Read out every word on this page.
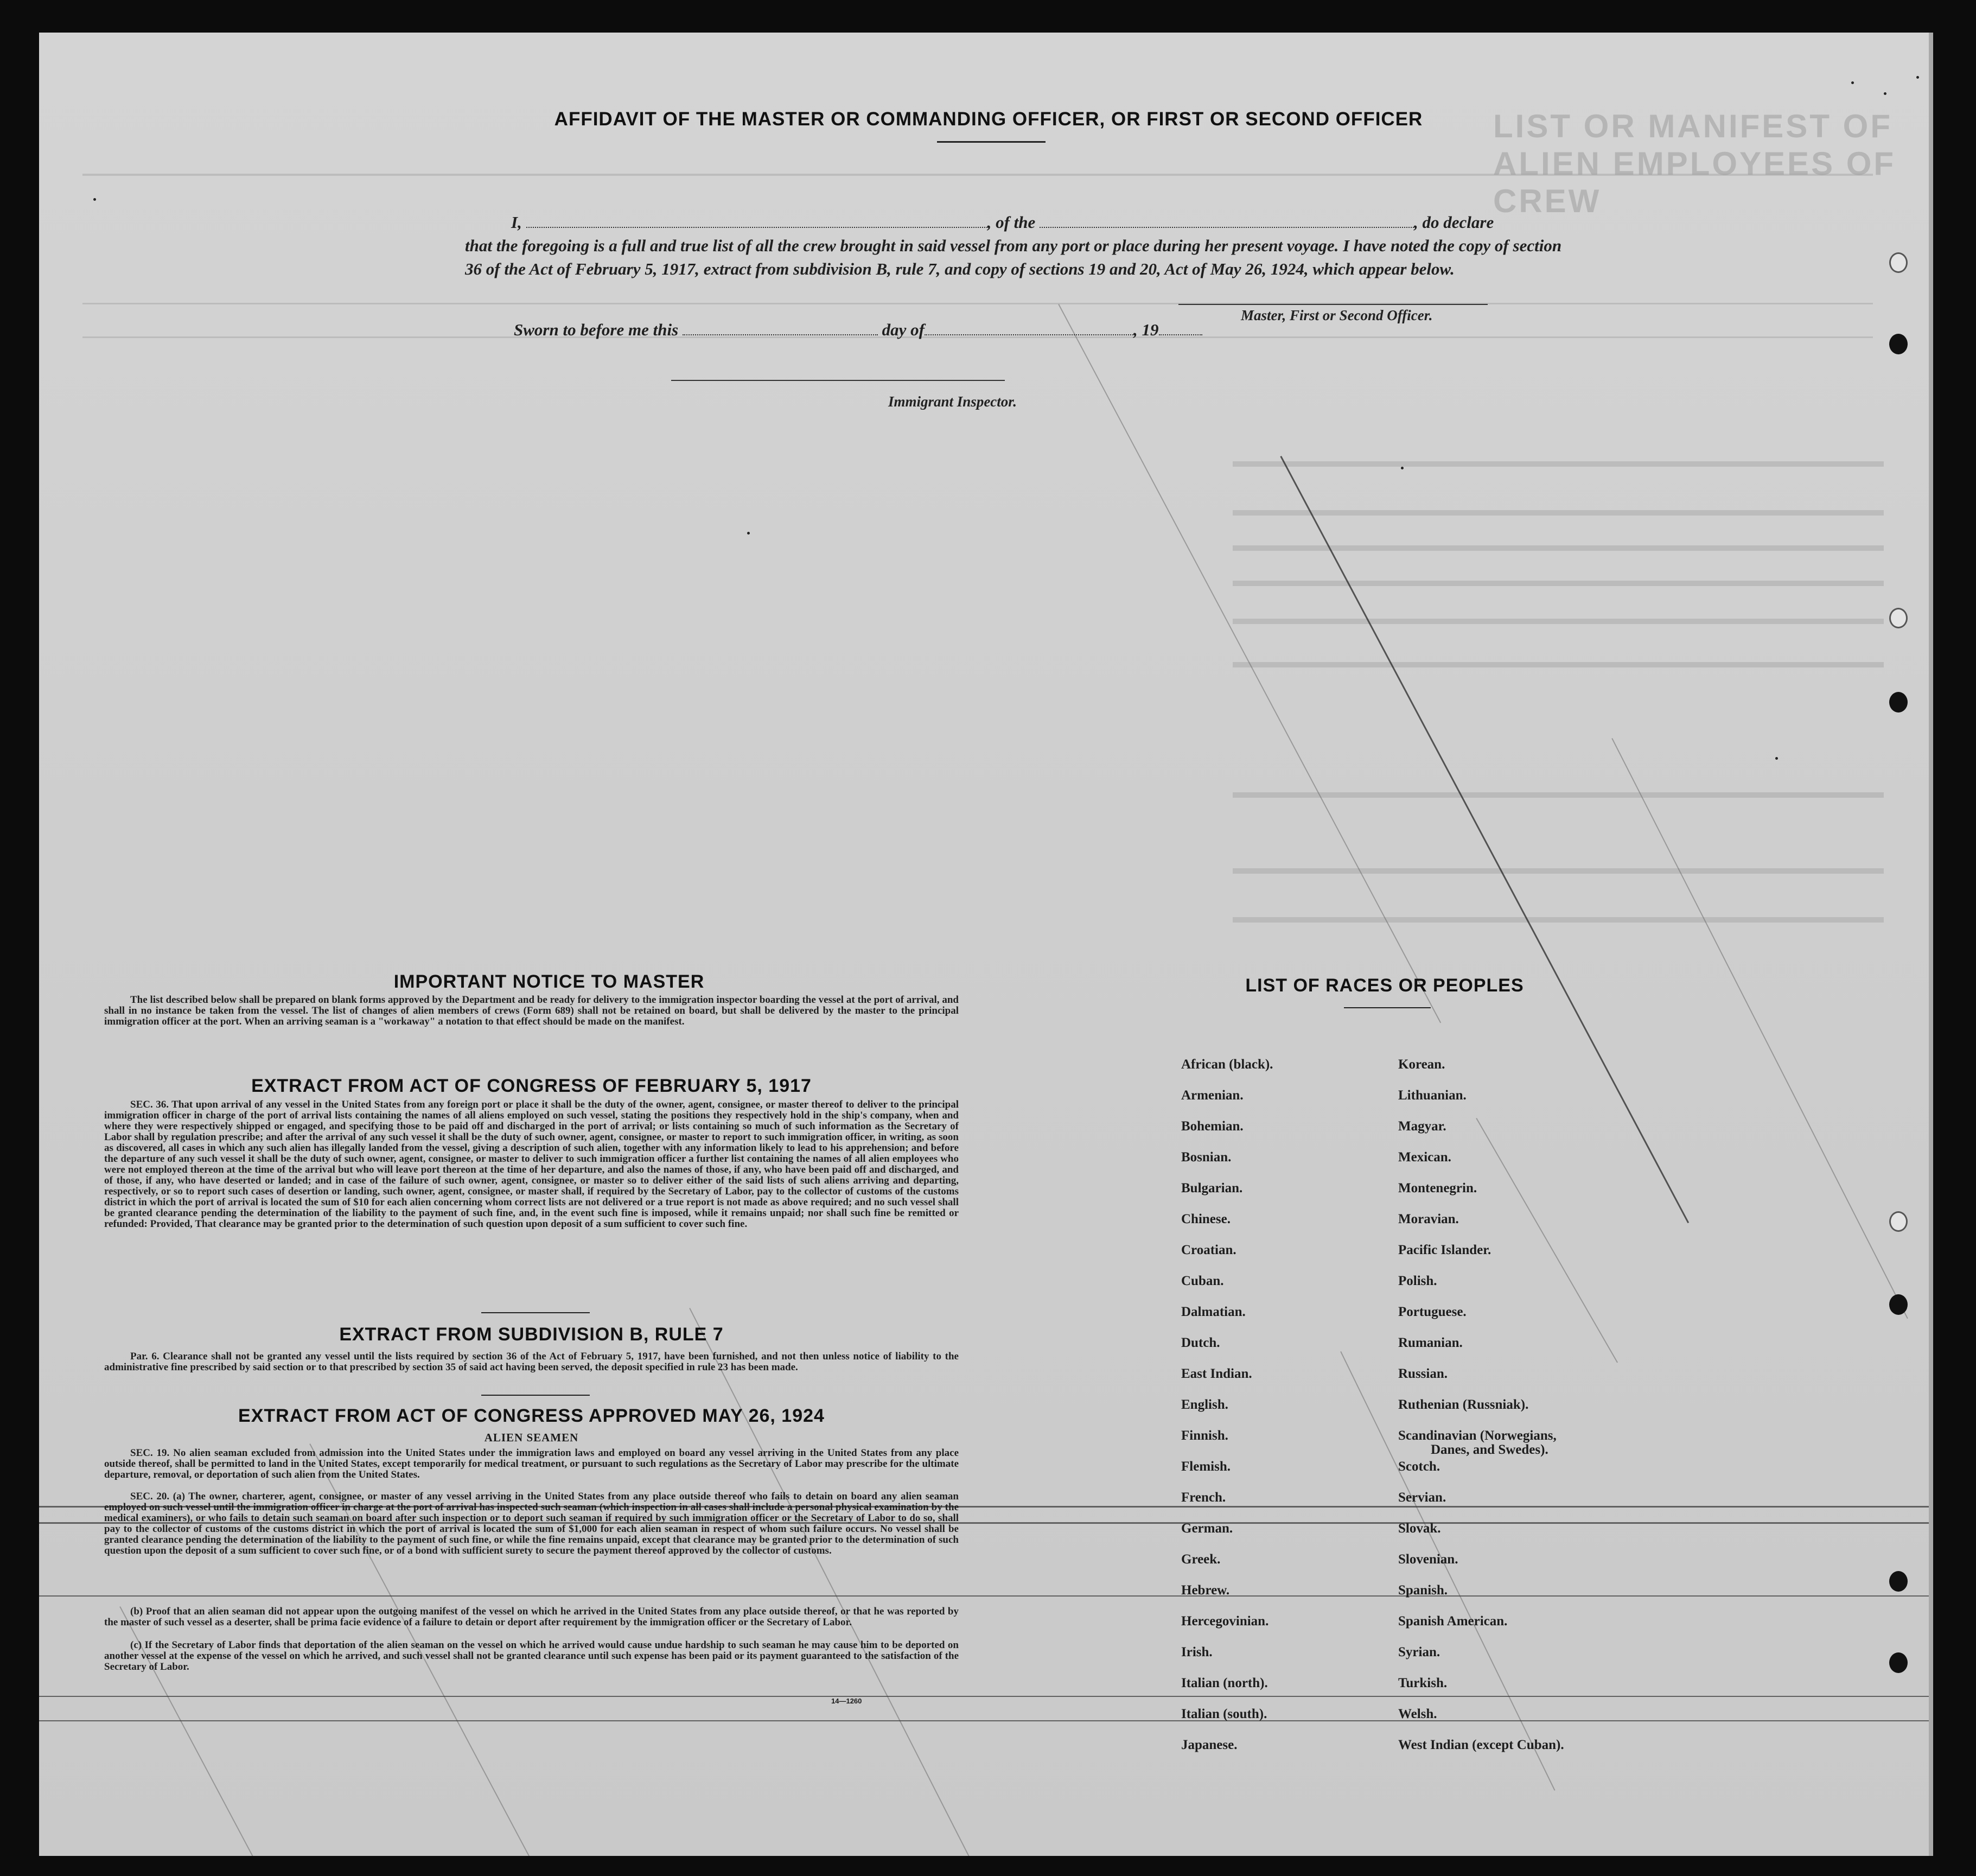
LIST OR MANIFEST OF ALIEN EMPLOYEES OF CREW
AFFIDAVIT OF THE MASTER OR COMMANDING OFFICER, OR FIRST OR SECOND OFFICER
I,	, of the	, do declare
that the foregoing is a full and true list of all the crew brought in said vessel from any port or place during her present voyage. I have noted the copy of section 36 of the Act of February 5, 1917, extract from subdivision B, rule 7, and copy of sections 19 and 20, Act of May 26, 1924, which appear below.
Master, First or Second Officer.
Sworn to before me this	day of	, 19
Immigrant Inspector.
IMPORTANT NOTICE TO MASTER
The list described below shall be prepared on blank forms approved by the Department and be ready for delivery to the immigration inspector boarding the vessel at the port of arrival, and shall in no instance be taken from the vessel. The list of changes of alien members of crews (Form 689) shall not be retained on board, but shall be delivered by the master to the principal immigration officer at the port. When an arriving seaman is a "workaway" a notation to that effect should be made on the manifest.
EXTRACT FROM ACT OF CONGRESS OF FEBRUARY 5, 1917
SEC. 36. That upon arrival of any vessel in the United States from any foreign port or place it shall be the duty of the owner, agent, consignee, or master thereof to deliver to the principal immigration officer in charge of the port of arrival lists containing the names of all aliens employed on such vessel, stating the positions they respectively hold in the ship's company, when and where they were respectively shipped or engaged, and specifying those to be paid off and discharged in the port of arrival; or lists containing so much of such information as the Secretary of Labor shall by regulation prescribe; and after the arrival of any such vessel it shall be the duty of such owner, agent, consignee, or master to report to such immigration officer, in writing, as soon as discovered, all cases in which any such alien has illegally landed from the vessel, giving a description of such alien, together with any information likely to lead to his apprehension; and before the departure of any such vessel it shall be the duty of such owner, agent, consignee, or master to deliver to such immigration officer a further list containing the names of all alien employees who were not employed thereon at the time of the arrival but who will leave port thereon at the time of her departure, and also the names of those, if any, who have been paid off and discharged, and of those, if any, who have deserted or landed; and in case of the failure of such owner, agent, consignee, or master so to deliver either of the said lists of such aliens arriving and departing, respectively, or so to report such cases of desertion or landing, such owner, agent, consignee, or master shall, if required by the Secretary of Labor, pay to the collector of customs of the customs district in which the port of arrival is located the sum of $10 for each alien concerning whom correct lists are not delivered or a true report is not made as above required; and no such vessel shall be granted clearance pending the determination of the liability to the payment of such fine, and, in the event such fine is imposed, while it remains unpaid; nor shall such fine be remitted or refunded: Provided, That clearance may be granted prior to the determination of such question upon deposit of a sum sufficient to cover such fine.
EXTRACT FROM SUBDIVISION B, RULE 7
Par. 6. Clearance shall not be granted any vessel until the lists required by section 36 of the Act of February 5, 1917, have been furnished, and not then unless notice of liability to the administrative fine prescribed by said section or to that prescribed by section 35 of said act having been served, the deposit specified in rule 23 has been made.
EXTRACT FROM ACT OF CONGRESS APPROVED MAY 26, 1924
ALIEN SEAMEN
SEC. 19. No alien seaman excluded from admission into the United States under the immigration laws and employed on board any vessel arriving in the United States from any place outside thereof, shall be permitted to land in the United States, except temporarily for medical treatment, or pursuant to such regulations as the Secretary of Labor may prescribe for the ultimate departure, removal, or deportation of such alien from the United States.
SEC. 20. (a) The owner, charterer, agent, consignee, or master of any vessel arriving in the United States from any place outside thereof who fails to detain on board any alien seaman employed on such vessel until the immigration officer in charge at the port of arrival has inspected such seaman (which inspection in all cases shall include a personal physical examination by the medical examiners), or who fails to detain such seaman on board after such inspection or to deport such seaman if required by such immigration officer or the Secretary of Labor to do so, shall pay to the collector of customs of the customs district in which the port of arrival is located the sum of $1,000 for each alien seaman in respect of whom such failure occurs. No vessel shall be granted clearance pending the determination of the liability to the payment of such fine, or while the fine remains unpaid, except that clearance may be granted prior to the determination of such question upon the deposit of a sum sufficient to cover such fine, or of a bond with sufficient surety to secure the payment thereof approved by the collector of customs.
(b) Proof that an alien seaman did not appear upon the outgoing manifest of the vessel on which he arrived in the United States from any place outside thereof, or that he was reported by the master of such vessel as a deserter, shall be prima facie evidence of a failure to detain or deport after requirement by the immigration officer or the Secretary of Labor.
(c) If the Secretary of Labor finds that deportation of the alien seaman on the vessel on which he arrived would cause undue hardship to such seaman he may cause him to be deported on another vessel at the expense of the vessel on which he arrived, and such vessel shall not be granted clearance until such expense has been paid or its payment guaranteed to the satisfaction of the Secretary of Labor.
14—1260
LIST OF RACES OR PEOPLES
African (black).
Armenian.
Bohemian.
Bosnian.
Bulgarian.
Chinese.
Croatian.
Cuban.
Dalmatian.
Dutch.
East Indian.
English.
Finnish.
Flemish.
French.
German.
Greek.
Hebrew.
Hercegovinian.
Irish.
Italian (north).
Italian (south).
Japanese.
Korean.
Lithuanian.
Magyar.
Mexican.
Montenegrin.
Moravian.
Pacific Islander.
Polish.
Portuguese.
Rumanian.
Russian.
Ruthenian (Russniak).
Scandinavian (Norwegians,
Danes, and Swedes).
Scotch.
Servian.
Slovak.
Slovenian.
Spanish.
Spanish American.
Syrian.
Turkish.
Welsh.
West Indian (except Cuban).
